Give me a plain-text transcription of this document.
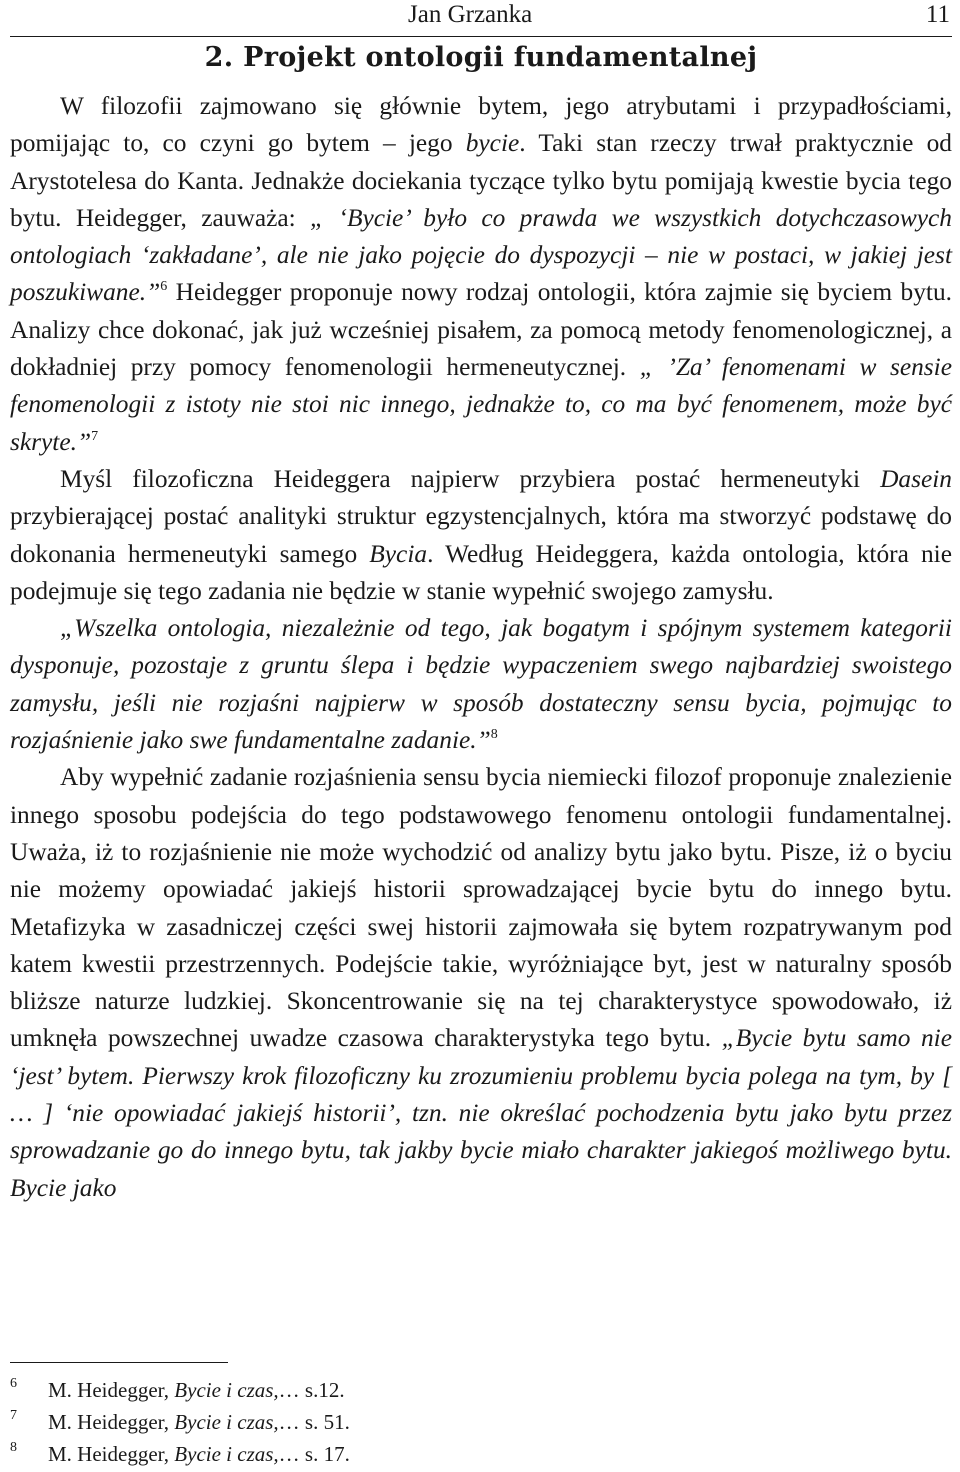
Jan Grzanka	11
2. Projekt ontologii fundamentalnej

W filozofii zajmowano się głównie bytem, jego atrybutami i przypadłościami, pomijając to, co czyni go bytem – jego bycie. Taki stan rzeczy trwał praktycznie od Arystotelesa do Kanta. Jednakże dociekania tyczące tylko bytu pomijają kwestie bycia tego bytu. Heidegger, zauważa: „ ‘Bycie’ było co prawda we wszystkich dotychczasowych ontologiach ‘zakładane’, ale nie jako pojęcie do dyspozycji – nie w postaci, w jakiej jest poszukiwane.”$^6$ Heidegger proponuje nowy rodzaj ontologii, która zajmie się byciem bytu. Analizy chce dokonać, jak już wcześniej pisałem, za pomocą metody fenomenologicznej, a dokładniej przy pomocy fenomenologii hermeneutycznej. „ ’Za’ fenomenami w sensie fenomenologii z istoty nie stoi nic innego, jednakże to, co ma być fenomenem, może być skryte.”$^7$

Myśl filozoficzna Heideggera najpierw przybiera postać hermeneutyki Dasein przybierającej postać analityki struktur egzystencjalnych, która ma stworzyć podstawę do dokonania hermeneutyki samego Bycia. Według Heideggera, każda ontologia, która nie podejmuje się tego zadania nie będzie w stanie wypełnić swojego zamysłu.

„Wszelka ontologia, niezależnie od tego, jak bogatym i spójnym systemem kategorii dysponuje, pozostaje z gruntu ślepa i będzie wypaczeniem swego najbardziej swoistego zamysłu, jeśli nie rozjaśni najpierw w sposób dostateczny sensu bycia, pojmując to rozjaśnienie jako swe fundamentalne zadanie.”$^8$

Aby wypełnić zadanie rozjaśnienia sensu bycia niemiecki filozof proponuje znalezienie innego sposobu podejścia do tego podstawowego fenomenu ontologii fundamentalnej. Uważa, iż to rozjaśnienie nie może wychodzić od analizy bytu jako bytu. Pisze, iż o byciu nie możemy opowiadać jakiejś historii sprowadzającej bycie bytu do innego bytu. Metafizyka w zasadniczej części swej historii zajmowała się bytem rozpatrywanym pod katem kwestii przestrzennych. Podejście takie, wyróżniające byt, jest w naturalny sposób bliższe naturze ludzkiej. Skoncentrowanie się na tej charakterystyce spowodowało, iż umknęła powszechnej uwadze czasowa charakterystyka tego bytu. „Bycie bytu samo nie ‘jest’ bytem. Pierwszy krok filozoficzny ku zrozumieniu problemu bycia polega na tym, by [ … ] ‘nie opowiadać jakiejś historii’, tzn. nie określać pochodzenia bytu jako bytu przez sprowadzanie go do innego bytu, tak jakby bycie miało charakter jakiegoś możliwego bytu. Bycie jako

6 M. Heidegger, Bycie i czas,… s.12.
7 M. Heidegger, Bycie i czas,… s. 51.
8 M. Heidegger, Bycie i czas,… s. 17.
